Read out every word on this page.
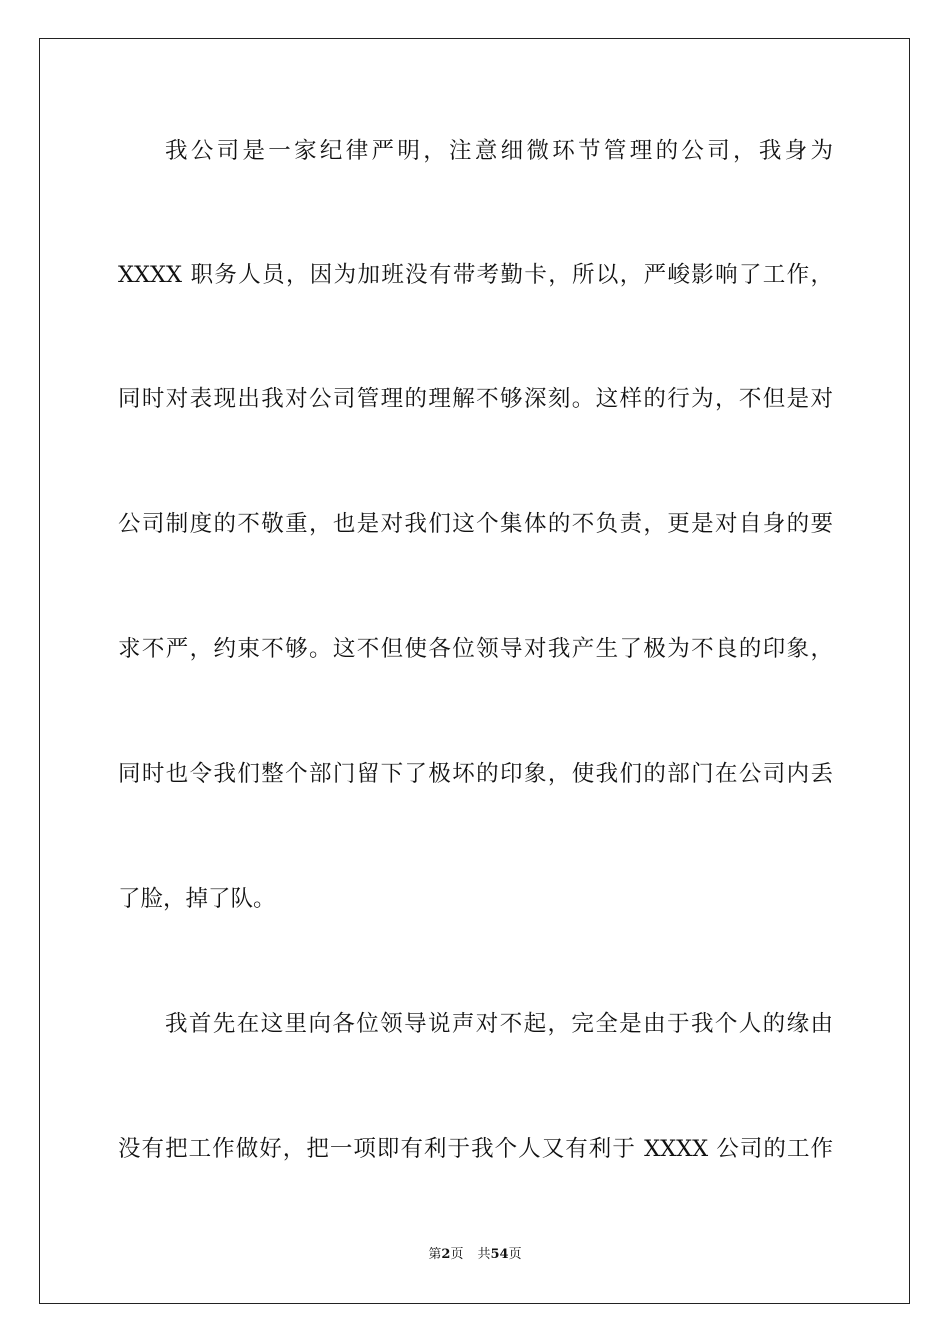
我公司是一家纪律严明，注意细微环节管理的公司，我身为
XXXX 职务人员，因为加班没有带考勤卡，所以，严峻影响了工作，
同时对表现出我对公司管理的理解不够深刻。这样的行为，不但是对
公司制度的不敬重，也是对我们这个集体的不负责，更是对自身的要
求不严，约束不够。这不但使各位领导对我产生了极为不良的印象，
同时也令我们整个部门留下了极坏的印象，使我们的部门在公司内丢
了脸，掉了队。
我首先在这里向各位领导说声对不起，完全是由于我个人的缘由
没有把工作做好，把一项即有利于我个人又有利于 XXXX 公司的工作
第2页 共54页
